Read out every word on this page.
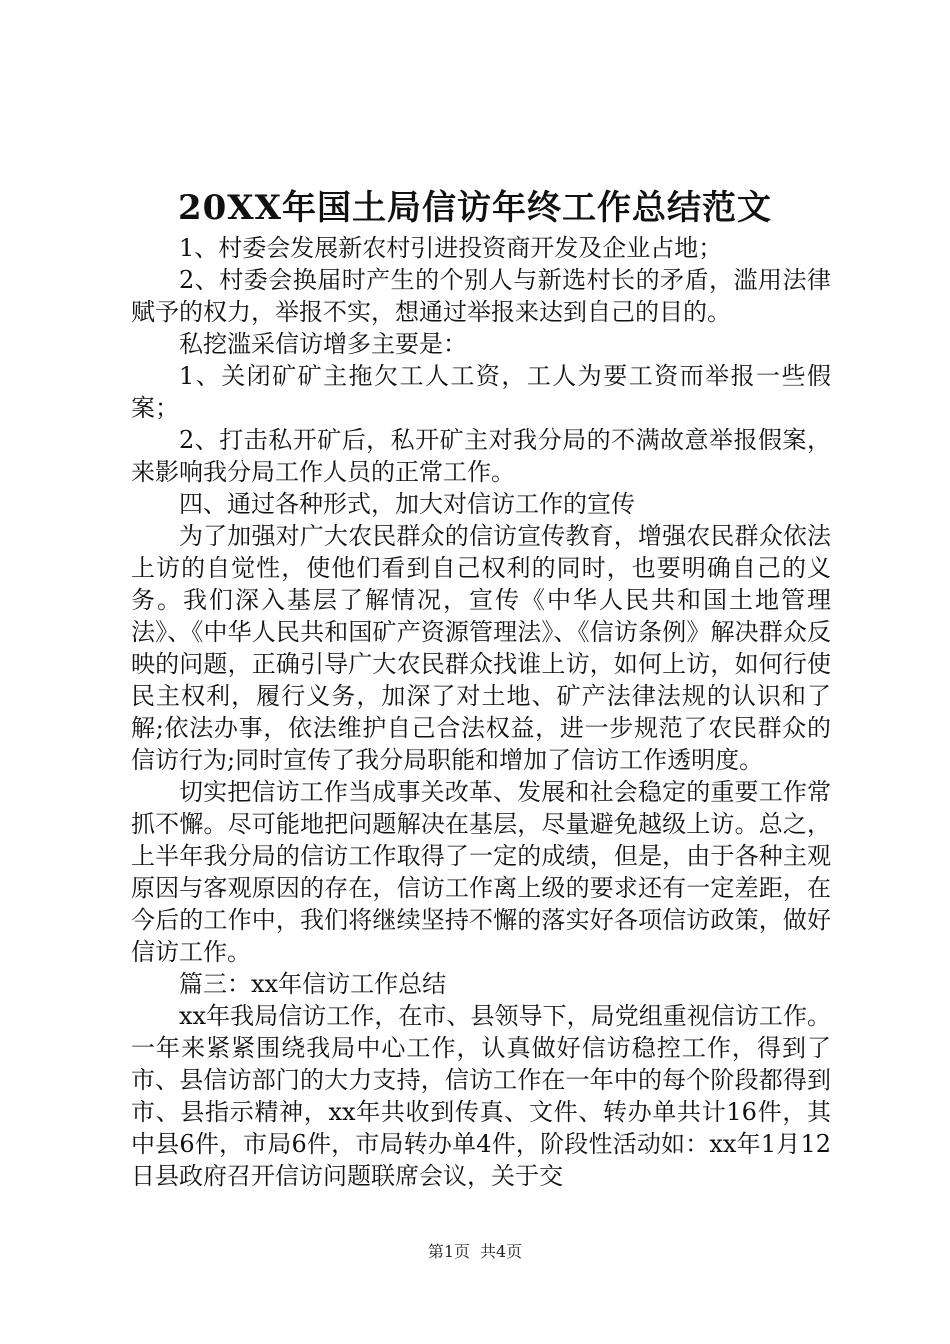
20XX年国土局信访年终工作总结范文

1、村委会发展新农村引进投资商开发及企业占地；

2、村委会换届时产生的个别人与新选村长的矛盾，滥用法律赋予的权力，举报不实，想通过举报来达到自己的目的。

私挖滥采信访增多主要是：

1、关闭矿矿主拖欠工人工资，工人为要工资而举报一些假案；

2、打击私开矿后，私开矿主对我分局的不满故意举报假案，来影响我分局工作人员的正常工作。

四、通过各种形式，加大对信访工作的宣传

为了加强对广大农民群众的信访宣传教育，增强农民群众依法上访的自觉性，使他们看到自己权利的同时，也要明确自己的义务。我们深入基层了解情况，宣传《中华人民共和国土地管理法》、《中华人民共和国矿产资源管理法》、《信访条例》解决群众反映的问题，正确引导广大农民群众找谁上访，如何上访，如何行使民主权利，履行义务，加深了对土地、矿产法律法规的认识和了解;依法办事，依法维护自己合法权益，进一步规范了农民群众的信访行为;同时宣传了我分局职能和增加了信访工作透明度。

切实把信访工作当成事关改革、发展和社会稳定的重要工作常抓不懈。尽可能地把问题解决在基层，尽量避免越级上访。总之，上半年我分局的信访工作取得了一定的成绩，但是，由于各种主观原因与客观原因的存在，信访工作离上级的要求还有一定差距，在今后的工作中，我们将继续坚持不懈的落实好各项信访政策，做好信访工作。

篇三：xx年信访工作总结

xx年我局信访工作，在市、县领导下，局党组重视信访工作。一年来紧紧围绕我局中心工作，认真做好信访稳控工作，得到了市、县信访部门的大力支持，信访工作在一年中的每个阶段都得到市、县指示精神，xx年共收到传真、文件、转办单共计16件，其中县6件，市局6件，市局转办单4件，阶段性活动如：xx年1月12日县政府召开信访问题联席会议，关于交

第1页 共4页
